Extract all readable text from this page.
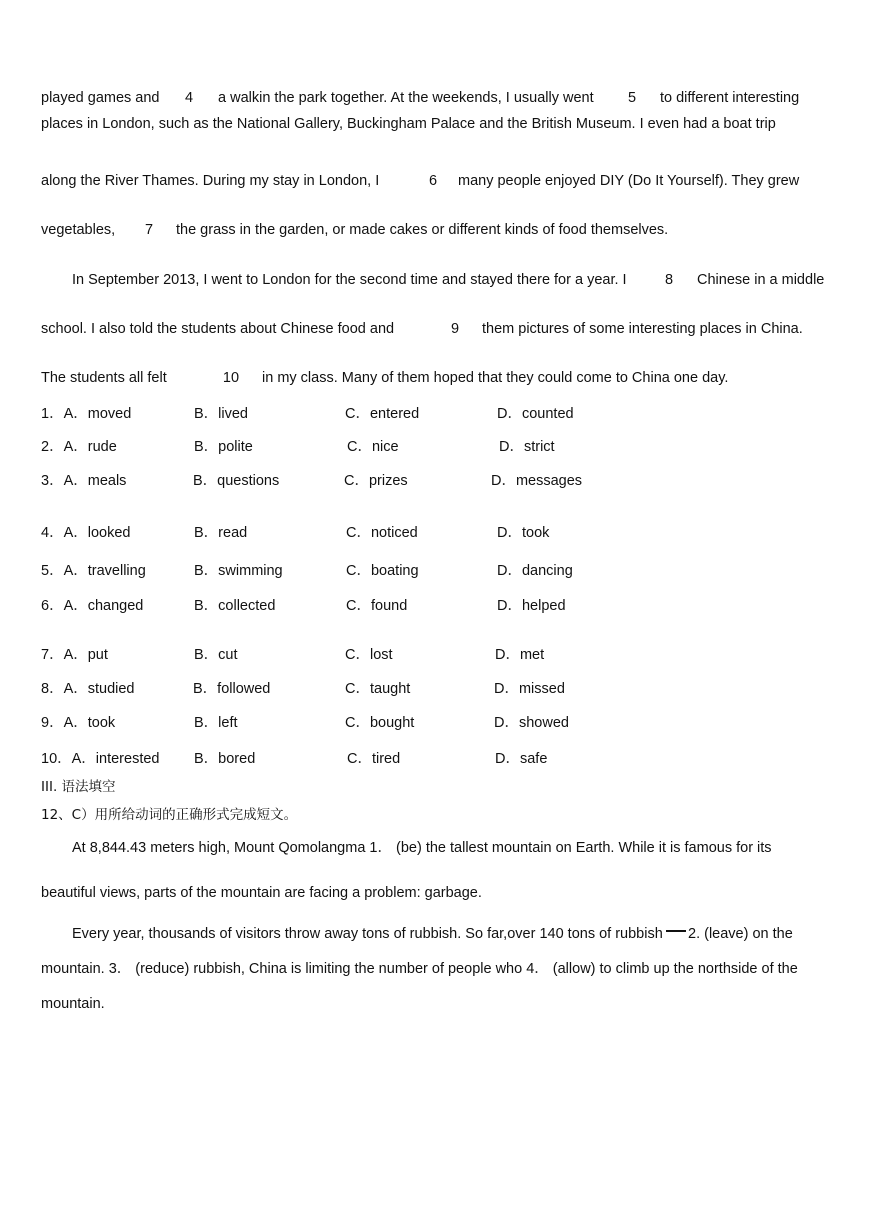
played games and 4 a walkin the park together. At the weekends, I usually went 5 to different interesting
places in London, such as the National Gallery, Buckingham Palace and the British Museum. I even had a boat trip
along the River Thames. During my stay in London, I	6 many people enjoyed DIY (Do It Yourself). They grew
vegetables, 7 the grass in the garden, or made cakes or different kinds of food themselves.
In September 2013, I went to London for the second time and stayed there for a year. I	8 Chinese in a middle
school. I also told the students about Chinese food and	9 them pictures of some interesting places in China.
The students all felt	10 in my class. Many of them hoped that they could come to China one day.
1．A．moved	B．lived	C．entered	D．counted
2．A．rude	B．polite	C．nice	D．strict
3．A．meals	B．questions	C．prizes	D．messages
4．A．looked	B．read	C．noticed	D．took
5．A．travelling	B．swimming	C．boating	D．dancing
6．A．changed	B．collected	C．found	D．helped
7．A．put	B．cut	C．lost	D．met
8．A．studied	B．followed	C．taught	D．missed
9．A．took	B．left	C．bought	D．showed
10．A．interested B．bored	C．tired	D．safe
III. 语法填空
12、C）用所给动词的正确形式完成短文。
At 8,844.43 meters high, Mount Qomolangma 1． (be) the tallest mountain on Earth. While it is famous for its
beautiful views, parts of the mountain are facing a problem: garbage.
Every year, thousands of visitors throw away tons of rubbish. So far,over 140 tons of rubbish 2. (leave) on the
mountain. 3． (reduce) rubbish, China is limiting the number of people who 4． (allow) to climb up the northside of the
mountain.
